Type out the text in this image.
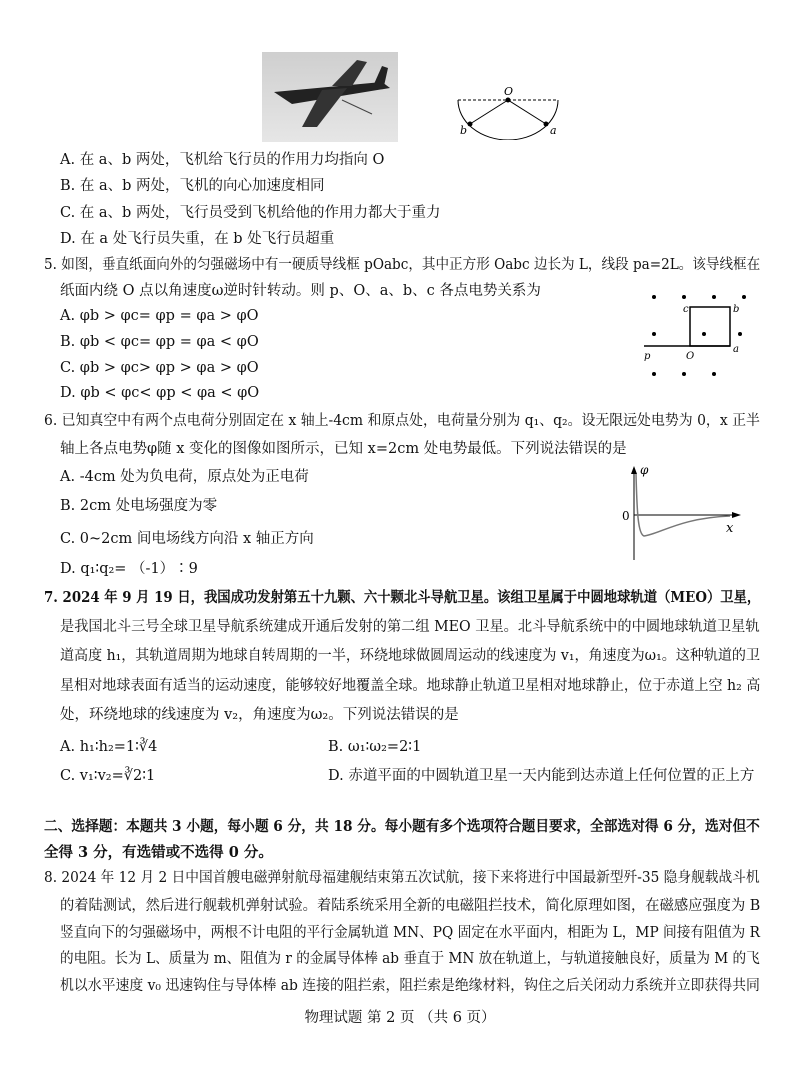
O
b	a
A. 在 a、b 两处，飞机给飞行员的作用力均指向 O
B. 在 a、b 两处，飞机的向心加速度相同
C. 在 a、b 两处，飞行员受到飞机给他的作用力都大于重力
D. 在 a 处飞行员失重，在 b 处飞行员超重
5. 如图，垂直纸面向外的匀强磁场中有一硬质导线框 pOabc，其中正方形 Oabc 边长为 L，线段 pa=2L。该导线框在
纸面内绕 O 点以角速度ω逆时针转动。则 p、O、a、b、c 各点电势关系为
A. φb > φc= φp = φa > φO
B. φb < φc= φp = φa < φO
C. φb > φc> φp > φa > φO
D. φb < φc< φp < φa < φO
p	O
a
b
c
6. 已知真空中有两个点电荷分别固定在 x 轴上-4cm 和原点处，电荷量分别为 q₁、q₂。设无限远处电势为 0，x 正半
轴上各点电势φ随 x 变化的图像如图所示，已知 x=2cm 处电势最低。下列说法错误的是
A. -4cm 处为负电荷，原点处为正电荷
B. 2cm 处电场强度为零
C. 0~2cm 间电场线方向沿 x 轴正方向
D. q₁∶q₂= （-1）∶9
φ
0
x
7. 2024 年 9 月 19 日，我国成功发射第五十九颗、六十颗北斗导航卫星。该组卫星属于中圆地球轨道（MEO）卫星，
是我国北斗三号全球卫星导航系统建成开通后发射的第二组 MEO 卫星。北斗导航系统中的中圆地球轨道卫星轨
道高度 h₁，其轨道周期为地球自转周期的一半，环绕地球做圆周运动的线速度为 v₁，角速度为ω₁。这种轨道的卫
星相对地球表面有适当的运动速度，能够较好地覆盖全球。地球静止轨道卫星相对地球静止，位于赤道上空 h₂ 高
处，环绕地球的线速度为 v₂，角速度为ω₂。下列说法错误的是
A. h₁∶h₂=1∶∛4	B. ω₁∶ω₂=2∶1
C. v₁∶v₂=∛2∶1	D. 赤道平面的中圆轨道卫星一天内能到达赤道上任何位置的正上方
二、选择题：本题共 3 小题，每小题 6 分，共 18 分。每小题有多个选项符合题目要求，全部选对得 6 分，选对但不
全得 3 分，有选错或不选得 0 分。
8. 2024 年 12 月 2 日中国首艘电磁弹射航母福建舰结束第五次试航，接下来将进行中国最新型歼-35 隐身舰载战斗机
的着陆测试，然后进行舰载机弹射试验。着陆系统采用全新的电磁阻拦技术，简化原理如图，在磁感应强度为 B
竖直向下的匀强磁场中，两根不计电阻的平行金属轨道 MN、PQ 固定在水平面内，相距为 L，MP 间接有阻值为 R
的电阻。长为 L、质量为 m、阻值为 r 的金属导体棒 ab 垂直于 MN 放在轨道上，与轨道接触良好，质量为 M 的飞
机以水平速度 v₀ 迅速钩住与导体棒 ab 连接的阻拦索，阻拦索是绝缘材料，钩住之后关闭动力系统并立即获得共同
物理试题 第 2 页 （共 6 页）
